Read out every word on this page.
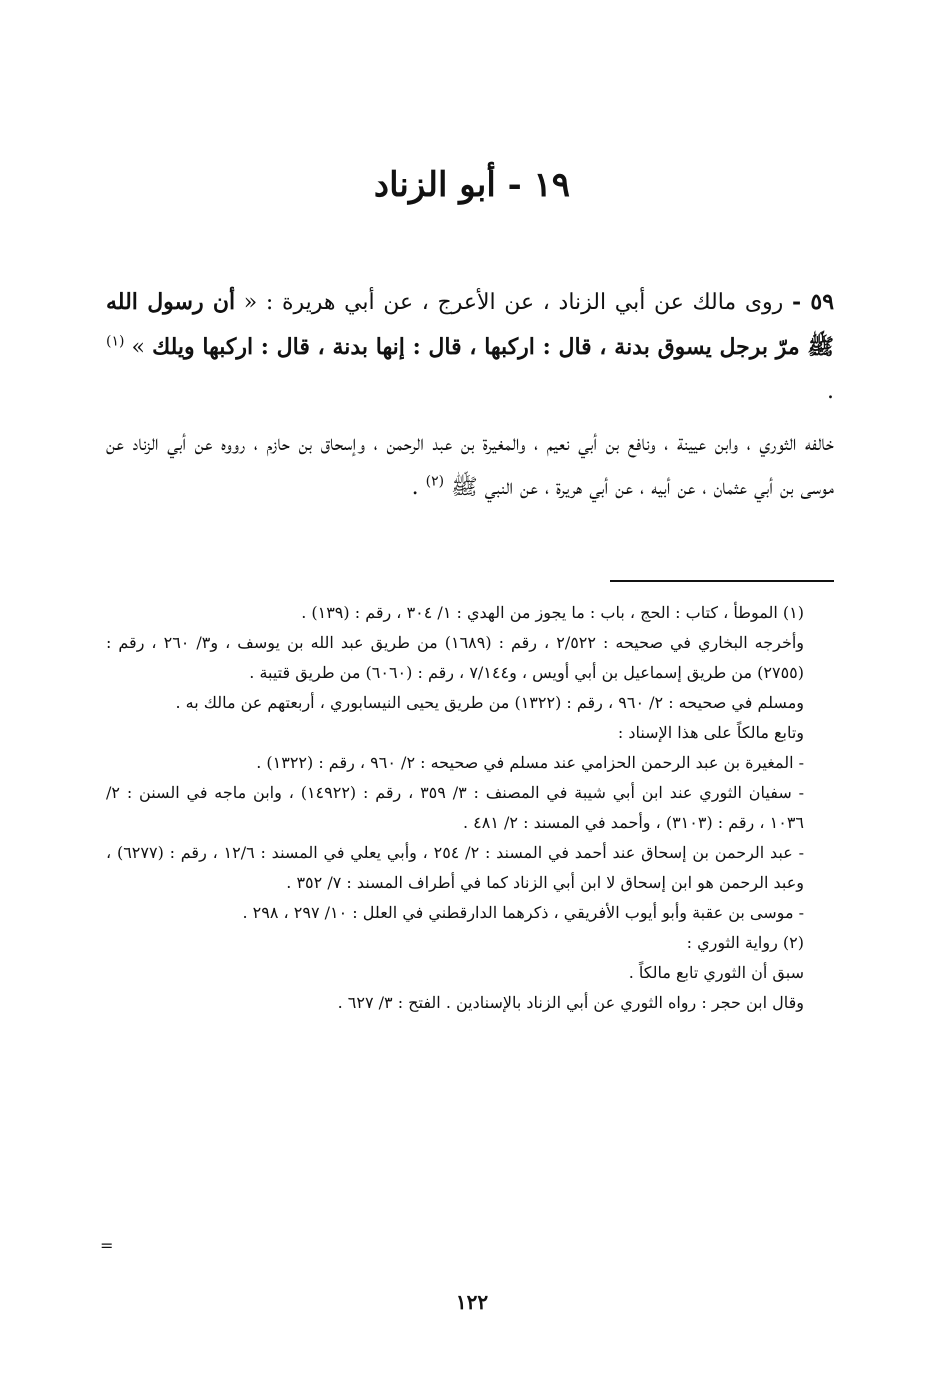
١٩ - أبو الزناد
٥٩ - روى مالك عن أبي الزناد ، عن الأعرج ، عن أبي هريرة : « أن رسول الله ﷺ مرّ برجل يسوق بدنة ، قال : اركبها ، قال : إنها بدنة ، قال : اركبها ويلك » $^{(١)}$ .
خالفه الثوري ، وابن عيينة ، ونافع بن أبي نعيم ، والمغيرة بن عبد الرحمن ، وإسحاق بن حازم ، رووه عن أبي الزناد عن موسى بن أبي عثمان ، عن أبيه ، عن أبي هريرة ، عن النبي ﷺ $^{(٢)}$ .

(١) الموطأ ، كتاب : الحج ، باب : ما يجوز من الهدي : ١/ ٣٠٤ ، رقم : (١٣٩) .

وأخرجه البخاري في صحيحه : ٢/٥٢٢ ، رقم : (١٦٨٩) من طريق عبد الله بن يوسف ، و٣/ ٢٦٠ ، رقم : (٢٧٥٥) من طريق إسماعيل بن أبي أويس ، و٧/١٤٤ ، رقم : (٦٠٦٠) من طريق قتيبة .

ومسلم في صحيحه : ٢/ ٩٦٠ ، رقم : (١٣٢٢) من طريق يحيى النيسابوري ، أربعتهم عن مالك به .

وتابع مالكاً على هذا الإسناد :

- المغيرة بن عبد الرحمن الحزامي عند مسلم في صحيحه : ٢/ ٩٦٠ ، رقم : (١٣٢٢) .

- سفيان الثوري عند ابن أبي شيبة في المصنف : ٣/ ٣٥٩ ، رقم : (١٤٩٢٢) ، وابن ماجه في السنن : ٢/ ١٠٣٦ ، رقم : (٣١٠٣) ، وأحمد في المسند : ٢/ ٤٨١ .

- عبد الرحمن بن إسحاق عند أحمد في المسند : ٢/ ٢٥٤ ، وأبي يعلي في المسند : ١٢/٦ ، رقم : (٦٢٧٧) ، وعبد الرحمن هو ابن إسحاق لا ابن أبي الزناد كما في أطراف المسند : ٧/ ٣٥٢ .

- موسى بن عقبة وأبو أيوب الأفريقي ، ذكرهما الدارقطني في العلل : ١٠/ ٢٩٧ ، ٢٩٨ .

(٢) رواية الثوري :

سبق أن الثوري تابع مالكاً .

وقال ابن حجر : رواه الثوري عن أبي الزناد بالإسنادين . الفتح : ٣/ ٦٢٧ .

=
١٢٢
